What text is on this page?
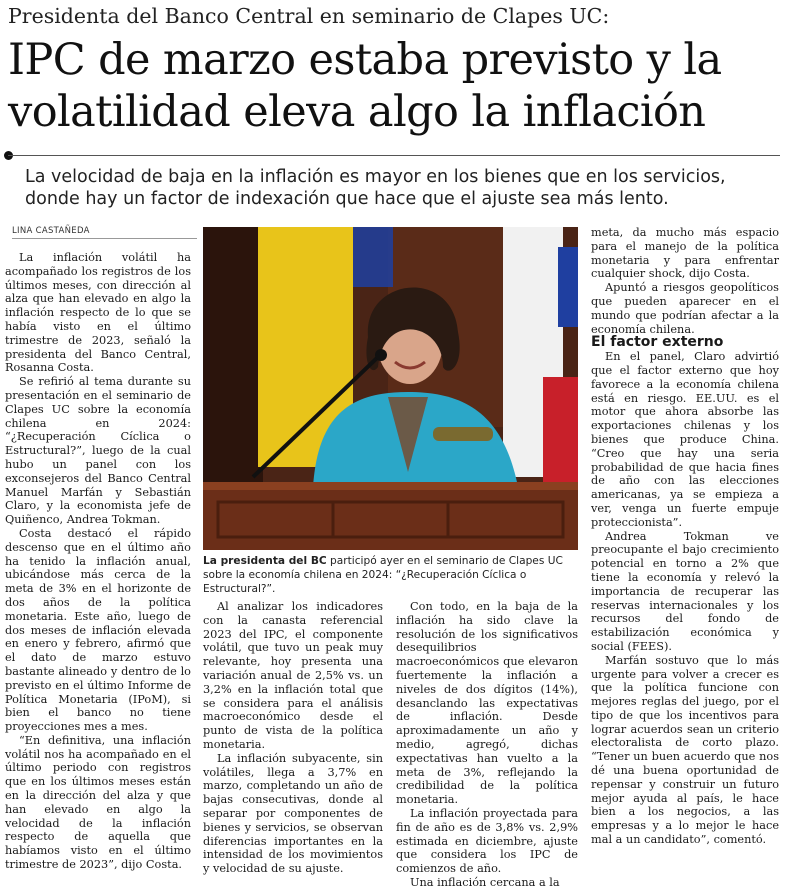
Presidenta del Banco Central en seminario de Clapes UC:
IPC de marzo estaba previsto y la volatilidad eleva algo la inflación
La velocidad de baja en la inflación es mayor en los bienes que en los servicios, donde hay un factor de indexación que hace que el ajuste sea más lento.
LINA CASTAÑEDA

La inflación volátil ha acompañado los registros de los últimos meses, con dirección al alza que han elevado en algo la inflación respecto de lo que se había visto en el último trimestre de 2023, señaló la presidenta del Banco Central, Rosanna Costa.

Se refirió al tema durante su presentación en el seminario de Clapes UC sobre la economía chilena en 2024: “¿Recuperación Cíclica o Estructural?”, luego de la cual hubo un panel con los exconsejeros del Banco Central Manuel Marfán y Sebastián Claro, y la economista jefe de Quiñenco, Andrea Tokman.

Costa destacó el rápido descenso que en el último año ha tenido la inflación anual, ubicándose más cerca de la meta de 3% en el horizonte de dos años de la política monetaria. Este año, luego de dos meses de inflación elevada en enero y febrero, afirmó que el dato de marzo estuvo bastante alineado y dentro de lo previsto en el último Informe de Política Monetaria (IPoM), si bien el banco no tiene proyecciones mes a mes.

“En definitiva, una inflación volátil nos ha acompañado en el último periodo con registros que en los últimos meses están en la dirección del alza y que han elevado en algo la velocidad de la inflación respecto de aquella que habíamos visto en el último trimestre de 2023”, dijo Costa.

La presidenta del BC participó ayer en el seminario de Clapes UC sobre la economía chilena en 2024: “¿Recuperación Cíclica o Estructural?”.

Al analizar los indicadores con la canasta referencial 2023 del IPC, el componente volátil, que tuvo un peak muy relevante, hoy presenta una variación anual de 2,5% vs. un 3,2% en la inflación total que se considera para el análisis macroeconómico desde el punto de vista de la política monetaria.

La inflación subyacente, sin volátiles, llega a 3,7% en marzo, completando un año de bajas consecutivas, donde al separar por componentes de bienes y servicios, se observan diferencias importantes en la intensidad de los movimientos y velocidad de su ajuste.

Con todo, en la baja de la inflación ha sido clave la resolución de los significativos desequilibrios macroeconómicos que elevaron fuertemente la inflación a niveles de dos dígitos (14%), desanclando las expectativas de inflación. Desde aproximadamente un año y medio, agregó, dichas expectativas han vuelto a la meta de 3%, reflejando la credibilidad de la política monetaria.

La inflación proyectada para fin de año es de 3,8% vs. 2,9% estimada en diciembre, ajuste que considera los IPC de comienzos de año.

Una inflación cercana a la

meta, da mucho más espacio para el manejo de la política monetaria y para enfrentar cualquier shock, dijo Costa.

Apuntó a riesgos geopolíticos que pueden aparecer en el mundo que podrían afectar a la economía chilena.

El factor externo

En el panel, Claro advirtió que el factor externo que hoy favorece a la economía chilena está en riesgo. EE.UU. es el motor que ahora absorbe las exportaciones chilenas y los bienes que produce China. “Creo que hay una seria probabilidad de que hacia fines de año con las elecciones americanas, ya se empieza a ver, venga un fuerte empuje proteccionista”.

Andrea Tokman ve preocupante el bajo crecimiento potencial en torno a 2% que tiene la economía y relevó la importancia de recuperar las reservas internacionales y los recursos del fondo de estabilización económica y social (FEES).

Marfán sostuvo que lo más urgente para volver a crecer es que la política funcione con mejores reglas del juego, por el tipo de que los incentivos para lograr acuerdos sean un criterio electoralista de corto plazo. “Tener un buen acuerdo que nos dé una buena oportunidad de repensar y construir un futuro mejor ayuda al país, le hace bien a los negocios, a las empresas y a lo mejor le hace mal a un candidato”, comentó.
